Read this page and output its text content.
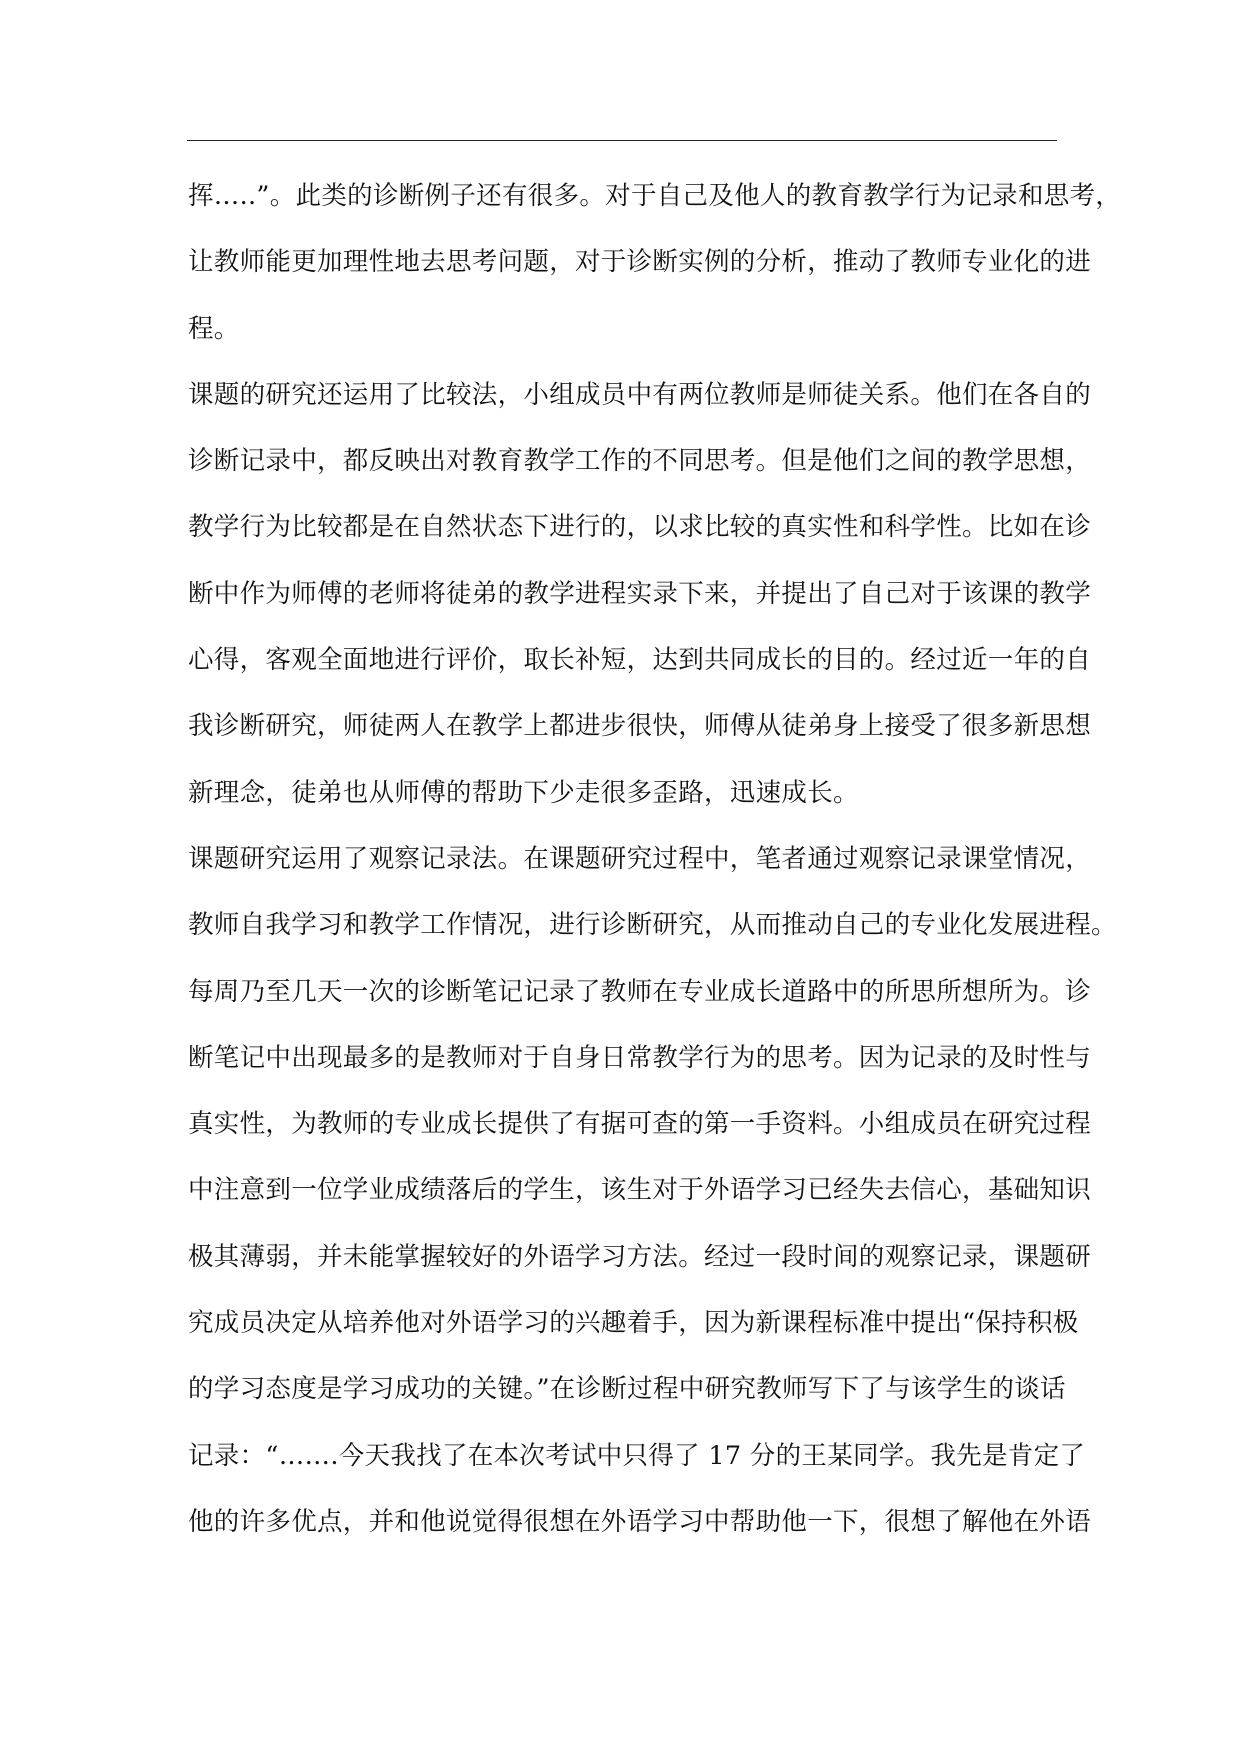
挥…..”。此类的诊断例子还有很多。对于自己及他人的教育教学行为记录和思考，
让教师能更加理性地去思考问题，对于诊断实例的分析，推动了教师专业化的进
程。
课题的研究还运用了比较法，小组成员中有两位教师是师徒关系。他们在各自的
诊断记录中，都反映出对教育教学工作的不同思考。但是他们之间的教学思想，
教学行为比较都是在自然状态下进行的，以求比较的真实性和科学性。比如在诊
断中作为师傅的老师将徒弟的教学进程实录下来，并提出了自己对于该课的教学
心得，客观全面地进行评价，取长补短，达到共同成长的目的。经过近一年的自
我诊断研究，师徒两人在教学上都进步很快，师傅从徒弟身上接受了很多新思想
新理念，徒弟也从师傅的帮助下少走很多歪路，迅速成长。
课题研究运用了观察记录法。在课题研究过程中，笔者通过观察记录课堂情况，
教师自我学习和教学工作情况，进行诊断研究，从而推动自己的专业化发展进程。
每周乃至几天一次的诊断笔记记录了教师在专业成长道路中的所思所想所为。诊
断笔记中出现最多的是教师对于自身日常教学行为的思考。因为记录的及时性与
真实性，为教师的专业成长提供了有据可查的第一手资料。小组成员在研究过程
中注意到一位学业成绩落后的学生，该生对于外语学习已经失去信心，基础知识
极其薄弱，并未能掌握较好的外语学习方法。经过一段时间的观察记录，课题研
究成员决定从培养他对外语学习的兴趣着手，因为新课程标准中提出“保持积极
的学习态度是学习成功的关键。”在诊断过程中研究教师写下了与该学生的谈话
记录：“…….今天我找了在本次考试中只得了 17 分的王某同学。我先是肯定了
他的许多优点，并和他说觉得很想在外语学习中帮助他一下，很想了解他在外语
